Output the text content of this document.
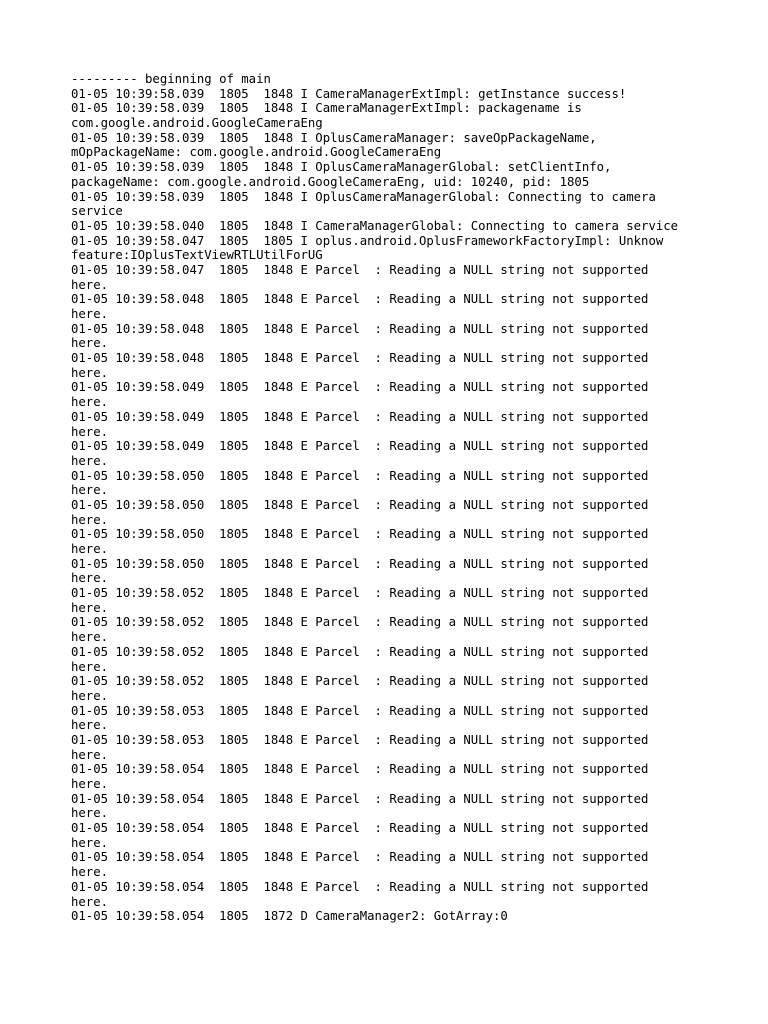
--------- beginning of main

01-05 10:39:58.039  1805  1848 I CameraManagerExtImpl: getInstance success!

01-05 10:39:58.039  1805  1848 I CameraManagerExtImpl: packagename is

com.google.android.GoogleCameraEng

01-05 10:39:58.039  1805  1848 I OplusCameraManager: saveOpPackageName,

mOpPackageName: com.google.android.GoogleCameraEng

01-05 10:39:58.039  1805  1848 I OplusCameraManagerGlobal: setClientInfo,

packageName: com.google.android.GoogleCameraEng, uid: 10240, pid: 1805

01-05 10:39:58.039  1805  1848 I OplusCameraManagerGlobal: Connecting to camera

service

01-05 10:39:58.040  1805  1848 I CameraManagerGlobal: Connecting to camera service

01-05 10:39:58.047  1805  1805 I oplus.android.OplusFrameworkFactoryImpl: Unknow

feature:IOplusTextViewRTLUtilForUG

01-05 10:39:58.047  1805  1848 E Parcel  : Reading a NULL string not supported

here.

01-05 10:39:58.048  1805  1848 E Parcel  : Reading a NULL string not supported

here.

01-05 10:39:58.048  1805  1848 E Parcel  : Reading a NULL string not supported

here.

01-05 10:39:58.048  1805  1848 E Parcel  : Reading a NULL string not supported

here.

01-05 10:39:58.049  1805  1848 E Parcel  : Reading a NULL string not supported

here.

01-05 10:39:58.049  1805  1848 E Parcel  : Reading a NULL string not supported

here.

01-05 10:39:58.049  1805  1848 E Parcel  : Reading a NULL string not supported

here.

01-05 10:39:58.050  1805  1848 E Parcel  : Reading a NULL string not supported

here.

01-05 10:39:58.050  1805  1848 E Parcel  : Reading a NULL string not supported

here.

01-05 10:39:58.050  1805  1848 E Parcel  : Reading a NULL string not supported

here.

01-05 10:39:58.050  1805  1848 E Parcel  : Reading a NULL string not supported

here.

01-05 10:39:58.052  1805  1848 E Parcel  : Reading a NULL string not supported

here.

01-05 10:39:58.052  1805  1848 E Parcel  : Reading a NULL string not supported

here.

01-05 10:39:58.052  1805  1848 E Parcel  : Reading a NULL string not supported

here.

01-05 10:39:58.052  1805  1848 E Parcel  : Reading a NULL string not supported

here.

01-05 10:39:58.053  1805  1848 E Parcel  : Reading a NULL string not supported

here.

01-05 10:39:58.053  1805  1848 E Parcel  : Reading a NULL string not supported

here.

01-05 10:39:58.054  1805  1848 E Parcel  : Reading a NULL string not supported

here.

01-05 10:39:58.054  1805  1848 E Parcel  : Reading a NULL string not supported

here.

01-05 10:39:58.054  1805  1848 E Parcel  : Reading a NULL string not supported

here.

01-05 10:39:58.054  1805  1848 E Parcel  : Reading a NULL string not supported

here.

01-05 10:39:58.054  1805  1848 E Parcel  : Reading a NULL string not supported

here.

01-05 10:39:58.054  1805  1872 D CameraManager2: GotArray:0
